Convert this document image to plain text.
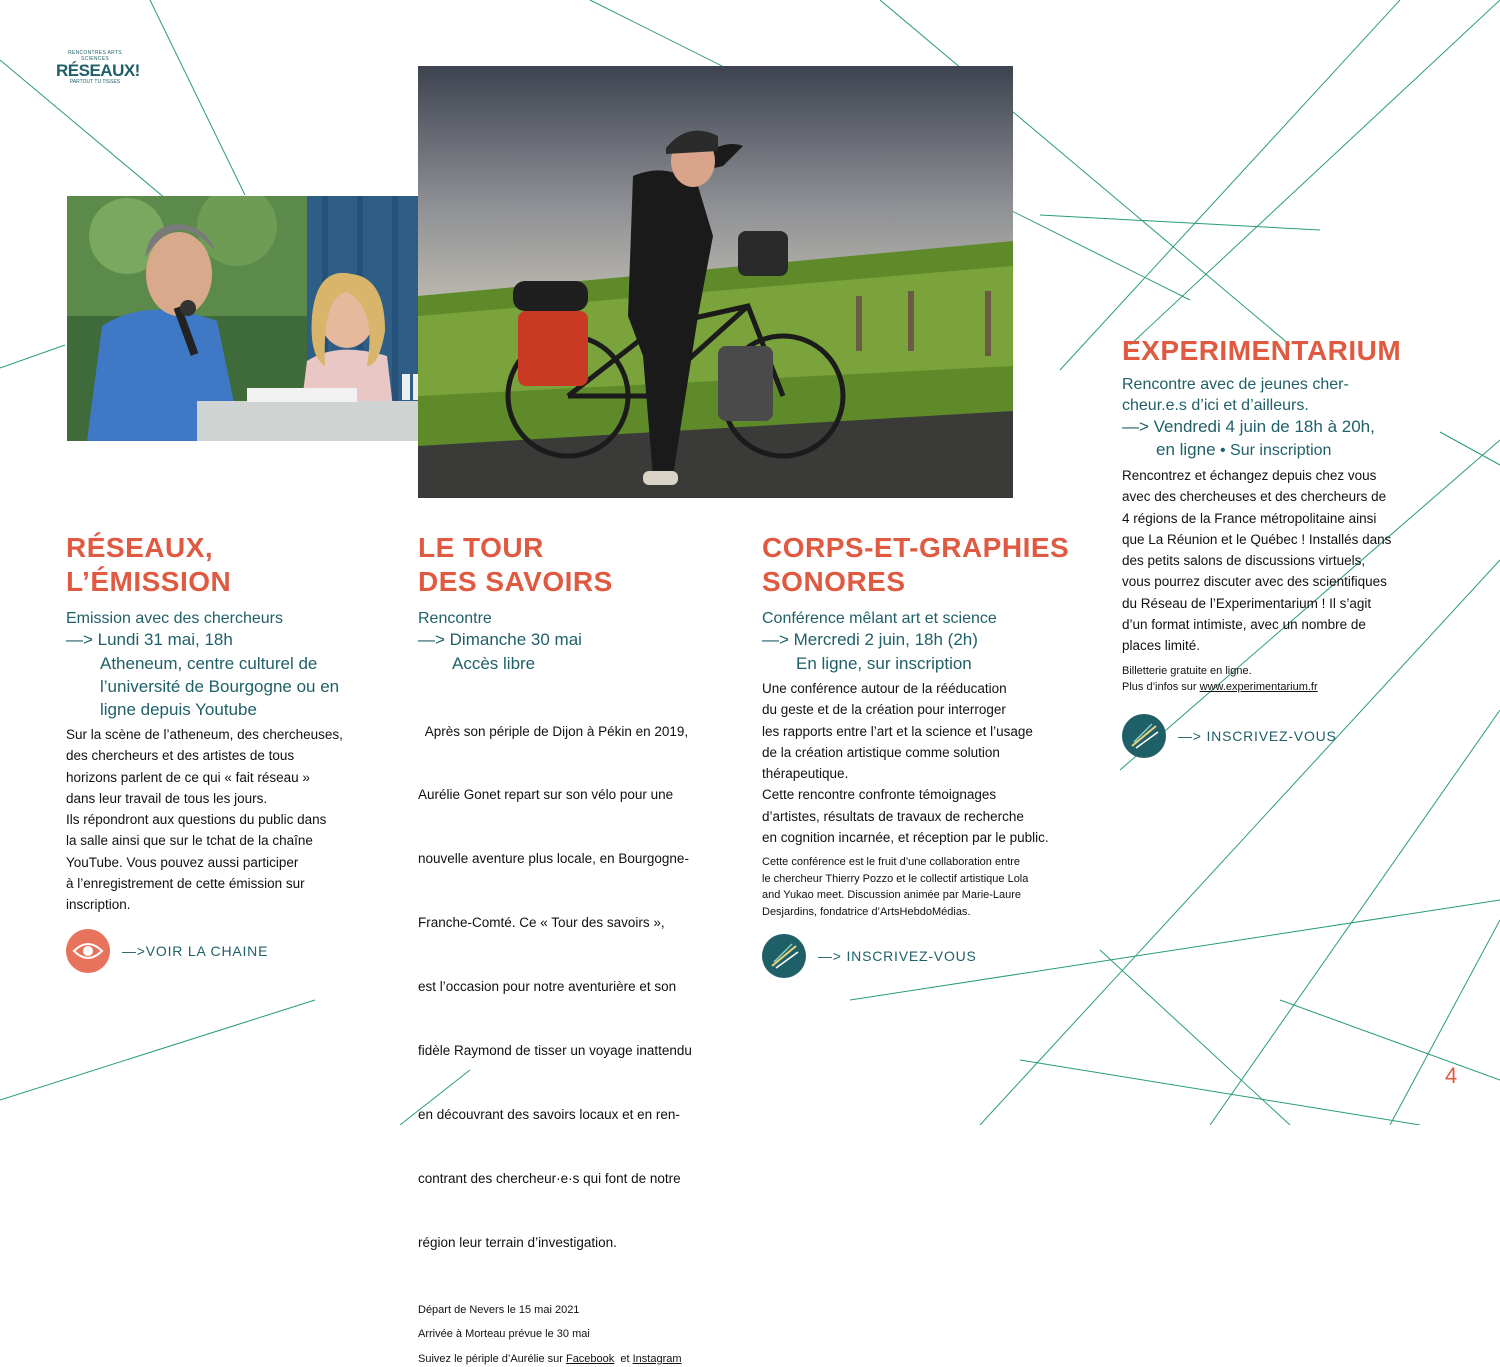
RENCONTRES ARTS SCIENCES
RÉSEAUX!
PARTOUT TU TISSES
RÉSEAUX,
L’ÉMISSION
Emission avec des chercheurs
—> Lundi 31 mai, 18h
Atheneum, centre culturel de
l’université de Bourgogne ou en
ligne depuis Youtube
Sur la scène de l’atheneum, des chercheuses,
des chercheurs et des artistes de tous
horizons parlent de ce qui « fait réseau »
dans leur travail de tous les jours.
Ils répondront aux questions du public dans
la salle ainsi que sur le tchat de la chaîne
YouTube. Vous pouvez aussi participer
à l’enregistrement de cette émission sur
inscription.
—>VOIR LA CHAINE
LE TOUR
DES SAVOIRS
Rencontre
—> Dimanche 30 mai
Accès libre

Après son périple de Dijon à Pékin en 2019,

Aurélie Gonet repart sur son vélo pour une

nouvelle aventure plus locale, en Bourgogne-

Franche-Comté. Ce « Tour des savoirs »,

est l’occasion pour notre aventurière et son

fidèle Raymond de tisser un voyage inattendu

en découvrant des savoirs locaux et en ren-

contrant des chercheur·e·s qui font de notre

région leur terrain d’investigation.

Départ de Nevers le 15 mai 2021
Arrivée à Morteau prévue le 30 mai
Suivez le périple d’Aurélie sur Facebook  et Instagram
CORPS-ET-GRAPHIES
SONORES
Conférence mêlant art et science
—> Mercredi 2 juin, 18h (2h)
En ligne, sur inscription
Une conférence autour de la rééducation
du geste et de la création pour interroger
les rapports entre l’art et la science et l’usage
de la création artistique comme solution
thérapeutique.
Cette rencontre confronte témoignages
d’artistes, résultats de travaux de recherche
en cognition incarnée, et réception par le public.
Cette conférence est le fruit d’une collaboration entre
le chercheur Thierry Pozzo et le collectif artistique Lola
and Yukao meet. Discussion animée par Marie-Laure
Desjardins, fondatrice d’ArtsHebdoMédias.
—> INSCRIVEZ-VOUS
EXPERIMENTARIUM
Rencontre avec de jeunes cher-
cheur.e.s d’ici et d’ailleurs.
—> Vendredi 4 juin de 18h à 20h,
en ligne • Sur inscription
Rencontrez et échangez depuis chez vous
avec des chercheuses et des chercheurs de
4 régions de la France métropolitaine ainsi
que La Réunion et le Québec ! Installés dans
des petits salons de discussions virtuels,
vous pourrez discuter avec des scientifiques
du Réseau de l’Experimentarium ! Il s’agit
d’un format intimiste, avec un nombre de
places limité.
Billetterie gratuite en ligne.
Plus d’infos sur www.experimentarium.fr
—> INSCRIVEZ-VOUS
4
